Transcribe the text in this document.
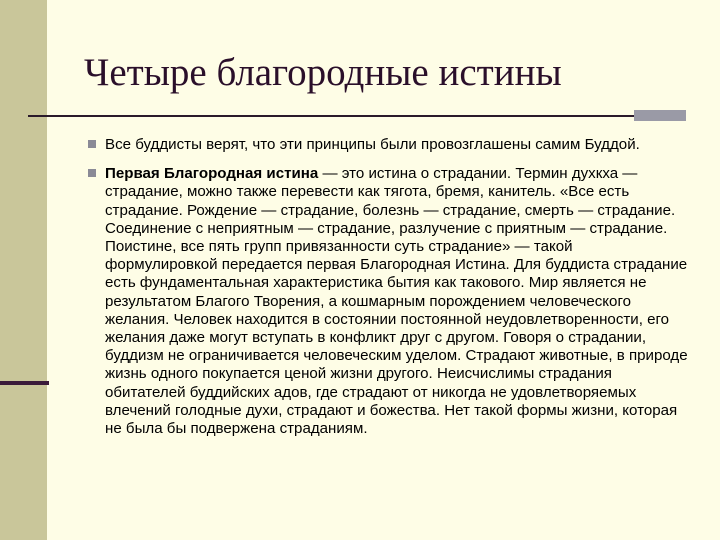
Четыре благородные истины
Все буддисты верят, что эти принципы были провозглашены самим Буддой.
Первая Благородная истина — это истина о страдании. Термин духкха — страдание, можно также перевести как тягота, бремя, канитель. «Все есть страдание. Рождение — страдание, болезнь — страдание, смерть — страдание. Соединение с неприятным — страдание, разлучение с приятным — страдание. Поистине, все пять групп привязанности суть страдание» — такой формулировкой передается первая Благородная Истина. Для буддиста страдание есть фундаментальная характеристика бытия как такового. Мир является не результатом Благого Творения, а кошмарным порождением человеческого желания. Человек находится в состоянии постоянной неудовлетворенности, его желания даже могут вступать в конфликт друг с другом. Говоря о страдании, буддизм не ограничивается человеческим уделом. Страдают животные, в природе жизнь одного покупается ценой жизни другого. Неисчислимы страдания обитателей буддийских адов, где страдают от никогда не удовлетворяемых влечений голодные духи, страдают и божества. Нет такой формы жизни, которая не была бы подвержена страданиям.
